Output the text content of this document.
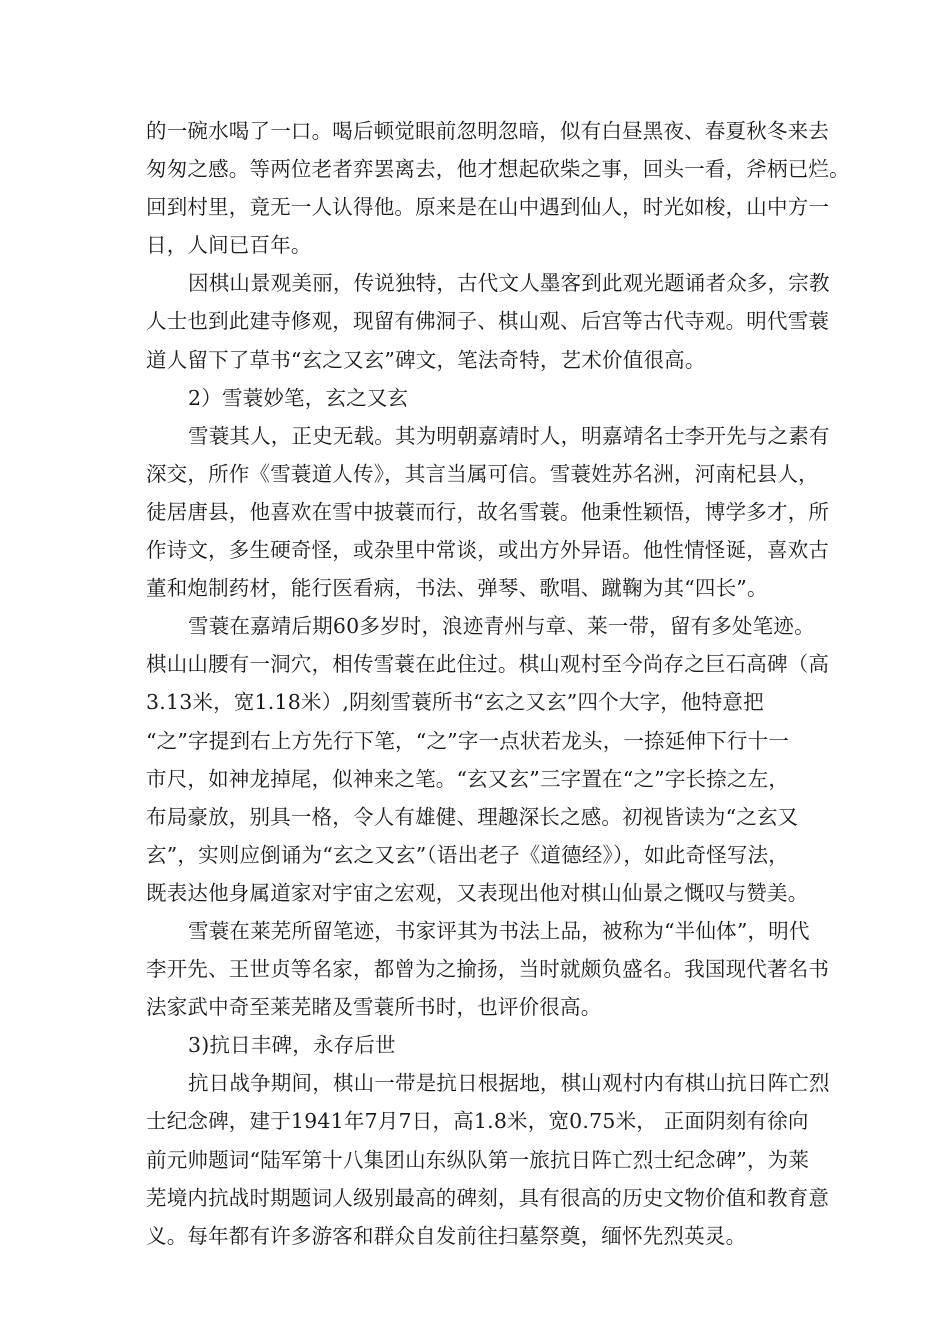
的一碗水喝了一口。喝后顿觉眼前忽明忽暗，似有白昼黑夜、春夏秋冬来去
匆匆之感。等两位老者弈罢离去，他才想起砍柴之事，回头一看，斧柄已烂。
回到村里，竟无一人认得他。原来是在山中遇到仙人，时光如梭，山中方一
日，人间已百年。
因棋山景观美丽，传说独特，古代文人墨客到此观光题诵者众多，宗教
人士也到此建寺修观，现留有佛洞子、棋山观、后宫等古代寺观。明代雪蓑
道人留下了草书“玄之又玄”碑文，笔法奇特，艺术价值很高。
2）雪蓑妙笔，玄之又玄
雪蓑其人，正史无载。其为明朝嘉靖时人，明嘉靖名士李开先与之素有
深交，所作《雪蓑道人传》，其言当属可信。雪蓑姓苏名洲，河南杞县人，
徒居唐县，他喜欢在雪中披蓑而行，故名雪蓑。他秉性颖悟，博学多才，所
作诗文，多生硬奇怪，或杂里中常谈，或出方外异语。他性情怪诞，喜欢古
董和炮制药材，能行医看病，书法、弹琴、歌唱、蹴鞠为其“四长”。
雪蓑在嘉靖后期60多岁时，浪迹青州与章、莱一带，留有多处笔迹。
棋山山腰有一洞穴，相传雪蓑在此住过。棋山观村至今尚存之巨石高碑（高
3.13米，宽1.18米）,阴刻雪蓑所书“玄之又玄”四个大字，他特意把
“之”字提到右上方先行下笔，“之”字一点状若龙头，一捺延伸下行十一
市尺，如神龙掉尾，似神来之笔。“玄又玄”三字置在“之”字长捺之左，
布局豪放，别具一格，令人有雄健、理趣深长之感。初视皆读为“之玄又
玄”，实则应倒诵为“玄之又玄”（语出老子《道德经》），如此奇怪写法，
既表达他身属道家对宇宙之宏观，又表现出他对棋山仙景之慨叹与赞美。
雪蓑在莱芜所留笔迹，书家评其为书法上品，被称为“半仙体”，明代
李开先、王世贞等名家，都曾为之揄扬，当时就颇负盛名。我国现代著名书
法家武中奇至莱芜睹及雪蓑所书时，也评价很高。
3)抗日丰碑，永存后世
抗日战争期间，棋山一带是抗日根据地，棋山观村内有棋山抗日阵亡烈
士纪念碑，建于1941年7月7日，高1.8米，宽0.75米， 正面阴刻有徐向
前元帅题词“陆军第十八集团山东纵队第一旅抗日阵亡烈士纪念碑”，为莱
芜境内抗战时期题词人级别最高的碑刻，具有很高的历史文物价值和教育意
义。每年都有许多游客和群众自发前往扫墓祭奠，缅怀先烈英灵。
